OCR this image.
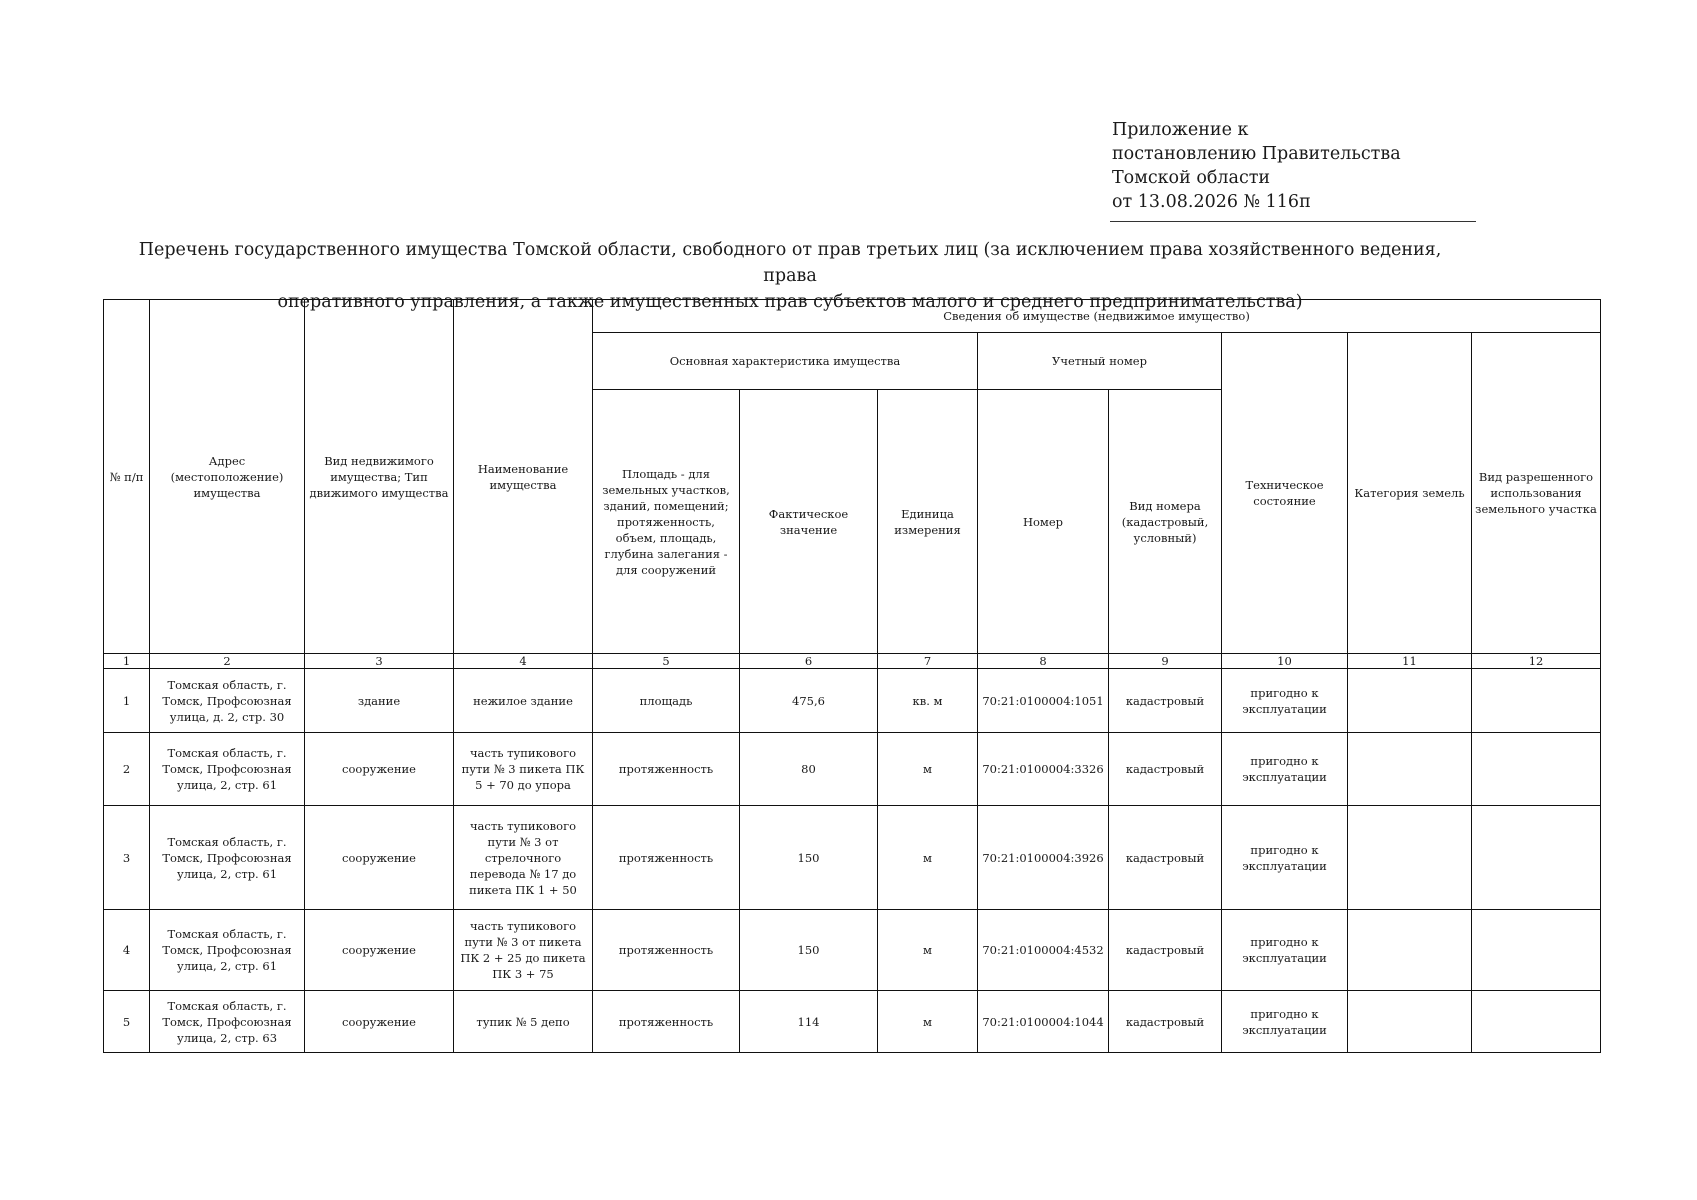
Приложение к
постановлению Правительства
Томской области
от 13.08.2026 № 116п
Перечень государственного имущества Томской области, свободного от прав третьих лиц (за исключением права хозяйственного ведения, права
оперативного управления, а также имущественных прав субъектов малого и среднего предпринимательства)
№ п/п	Адрес (местоположение) имущества	Вид недвижимого имущества; Тип движимого имущества	Наименование имущества	Сведения об имуществе (недвижимое имущество)							
				Основная характеристика имущества			Учетный номер		Техническое состояние	Категория земель	Вид разрешенного использования земельного участка
				Площадь - для земельных участков, зданий, помещений; протяженность, объем, площадь, глубина залегания - для сооружений	Фактическое значение	Единица измерения	Номер	Вид номера (кадастровый, условный)			
1	2	3	4	5	6	7	8	9	10	11	12
1	Томская область, г. Томск, Профсоюзная улица, д. 2, стр. 30	здание	нежилое здание	площадь	475,6	кв. м	70:21:0100004:1051	кадастровый	пригодно к эксплуатации		
2	Томская область, г. Томск, Профсоюзная улица, 2, стр. 61	сооружение	часть тупикового пути № 3 пикета ПК 5 + 70 до упора	протяженность	80	м	70:21:0100004:3326	кадастровый	пригодно к эксплуатации		
3	Томская область, г. Томск, Профсоюзная улица, 2, стр. 61	сооружение	часть тупикового пути № 3 от стрелочного перевода № 17 до пикета ПК 1 + 50	протяженность	150	м	70:21:0100004:3926	кадастровый	пригодно к эксплуатации		
4	Томская область, г. Томск, Профсоюзная улица, 2, стр. 61	сооружение	часть тупикового пути № 3 от пикета ПК 2 + 25 до пикета ПК 3 + 75	протяженность	150	м	70:21:0100004:4532	кадастровый	пригодно к эксплуатации		
5	Томская область, г. Томск, Профсоюзная улица, 2, стр. 63	сооружение	тупик № 5 депо	протяженность	114	м	70:21:0100004:1044	кадастровый	пригодно к эксплуатации		
